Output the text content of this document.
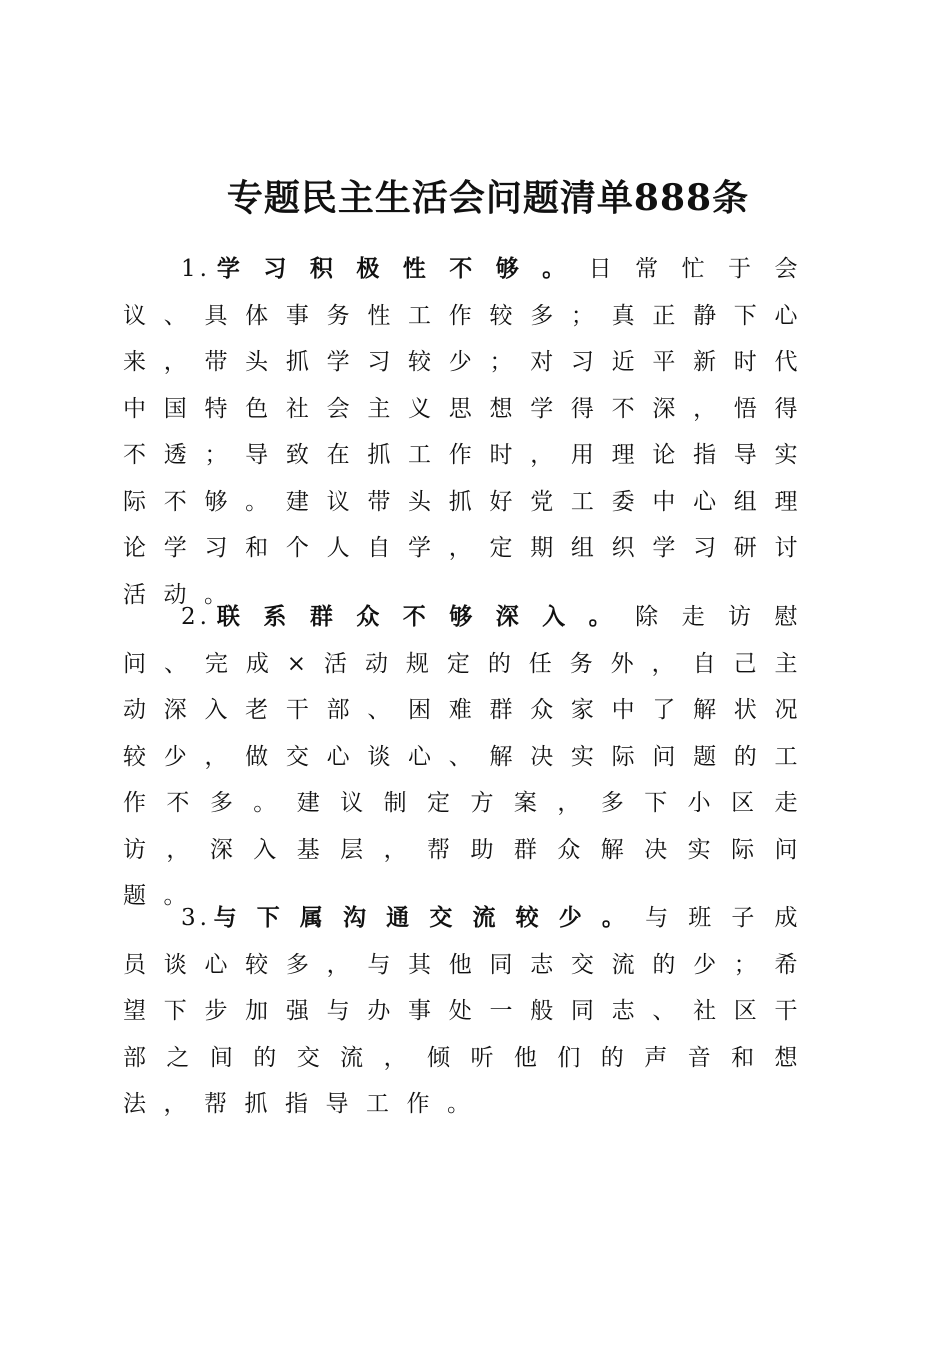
专题民主生活会问题清单888条

1.学习积极性不够。日常忙于会议、具体事务性工作较多；真正静下心来，带头抓学习较少；对习近平新时代中国特色社会主义思想学得不深，悟得不透；导致在抓工作时，用理论指导实际不够。建议带头抓好党工委中心组理论学习和个人自学，定期组织学习研讨活动。

2.联系群众不够深入。除走访慰问、完成×活动规定的任务外，自己主动深入老干部、困难群众家中了解状况较少，做交心谈心、解决实际问题的工作不多。建议制定方案，多下小区走访，深入基层，帮助群众解决实际问题。

3.与下属沟通交流较少。与班子成员谈心较多，与其他同志交流的少；希望下步加强与办事处一般同志、社区干部之间的交流，倾听他们的声音和想法，帮抓指导工作。
